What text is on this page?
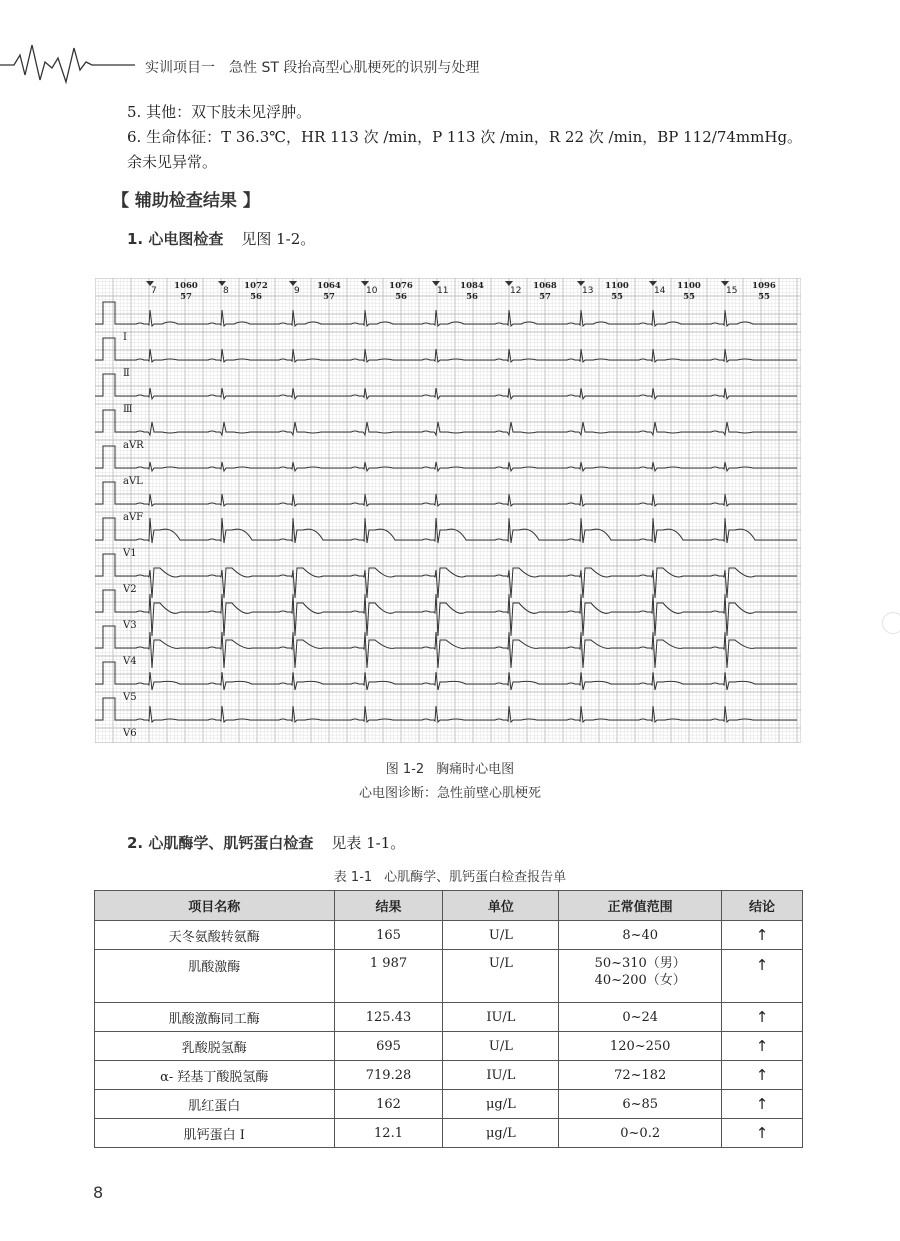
实训项目一　急性 ST 段抬高型心肌梗死的识别与处理
5. 其他：双下肢未见浮肿。
6. 生命体征：T 36.3℃，HR 113 次 /min，P 113 次 /min，R 22 次 /min，BP 112/74mmHg。
余未见异常。
【 辅助检查结果 】
1. 心电图检查 见图 1-2。
7	8	9	10	11	12	13	14	15
1060	1072	1064	1076	1084	1068	1100	1100	1096
57	56	57	56	56	57	55	55	55
I
Ⅱ
Ⅲ
aVR
aVL
aVF
V1
V2
V3
V4
V5
V6
图 1-2 胸痛时心电图
心电图诊断：急性前壁心肌梗死
2. 心肌酶学、肌钙蛋白检查 见表 1-1。
表 1-1 心肌酶学、肌钙蛋白检查报告单
项目名称	结果	单位	正常值范围	结论
天冬氨酸转氨酶	165	U/L	8~40	↑
肌酸激酶	1 987	U/L	50~310（男）
40~200（女）	↑
肌酸激酶同工酶	125.43	IU/L	0~24	↑
乳酸脱氢酶	695	U/L	120~250	↑
α- 羟基丁酸脱氢酶	719.28	IU/L	72~182	↑
肌红蛋白	162	μg/L	6~85	↑
肌钙蛋白 I	12.1	μg/L	0~0.2	↑
8
